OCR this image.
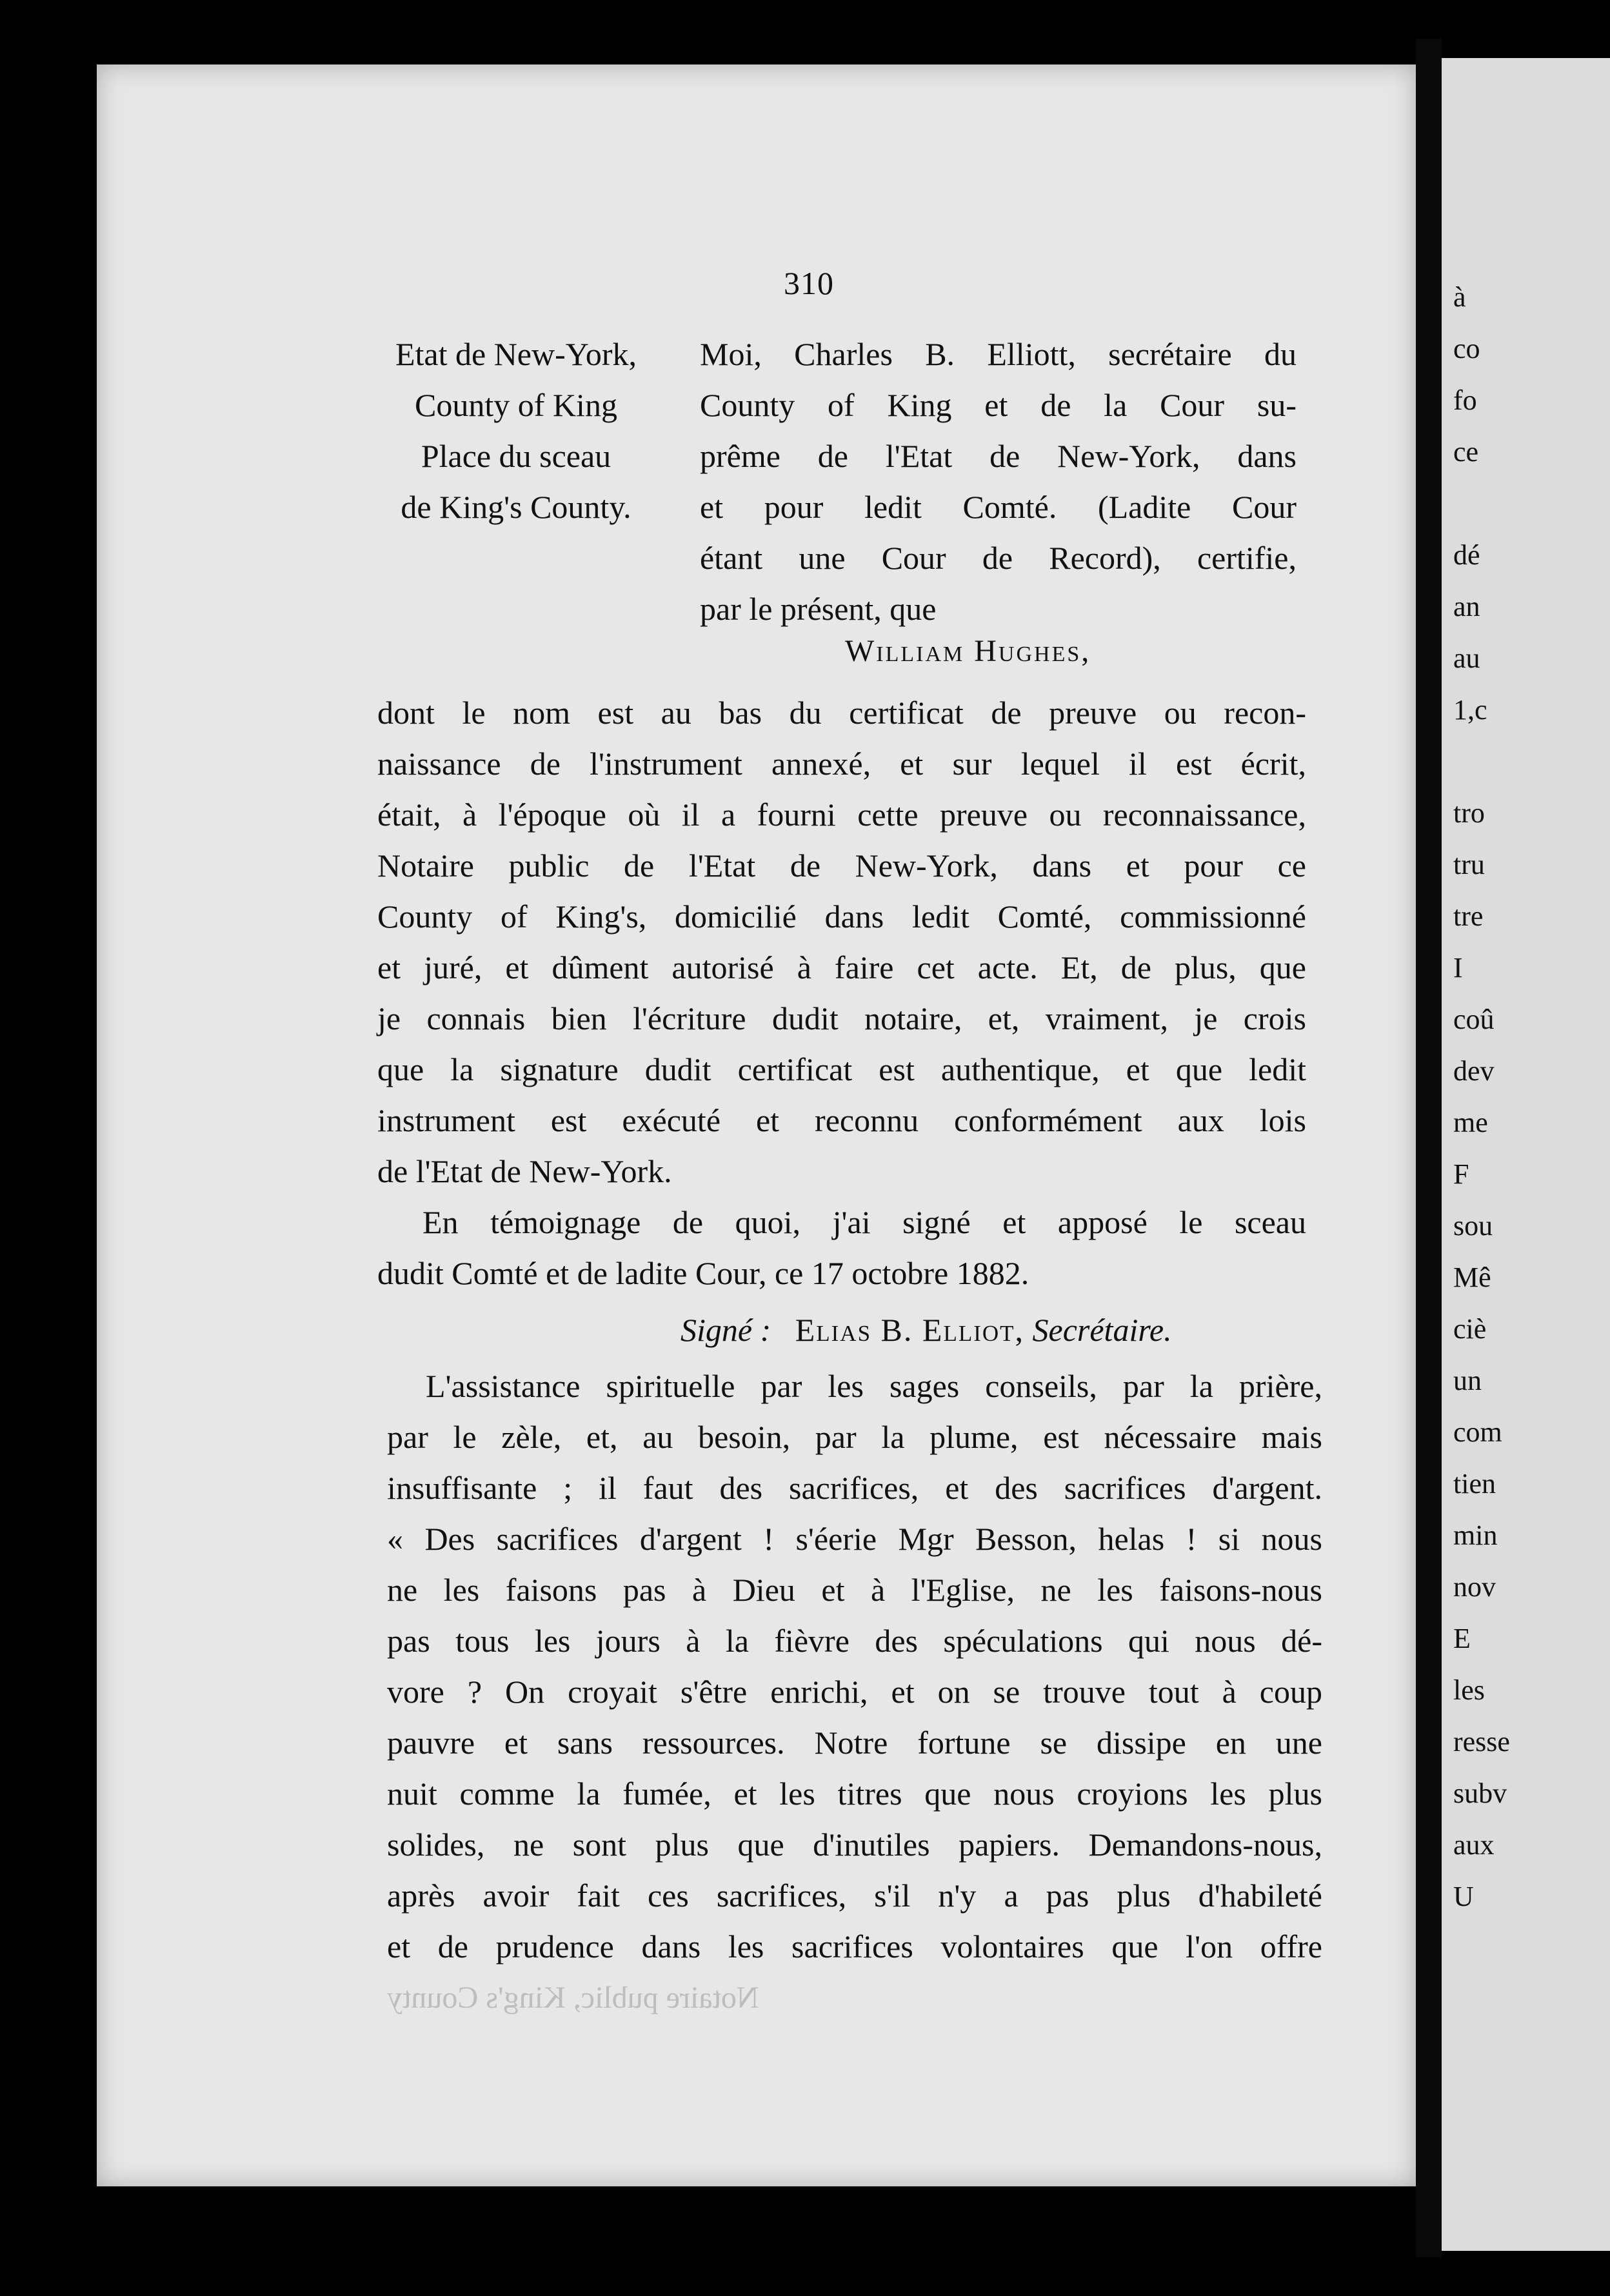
à
co
fo
ce
dé
an
au
1,c
tro
tru
tre
I
coû
dev
me
F
sou
Mê
ciè
un
com
tien
min
nov
E
les
resse
subv
aux
U
310
Etat de New-York,
County of King
Place du sceau
de King's County.
Moi, Charles B. Elliott, secrétaire du
County of King et de la Cour su-
prême de l'Etat de New-York, dans
et pour ledit Comté. (Ladite Cour
étant une Cour de Record), certifie,
par le présent, que
William Hughes,
dont le nom est au bas du certificat de preuve ou recon-
naissance de l'instrument annexé, et sur lequel il est écrit,
était, à l'époque où il a fourni cette preuve ou reconnaissance,
Notaire public de l'Etat de New-York, dans et pour ce
County of King's, domicilié dans ledit Comté, commissionné
et juré, et dûment autorisé à faire cet acte. Et, de plus, que
je connais bien l'écriture dudit notaire, et, vraiment, je crois
que la signature dudit certificat est authentique, et que ledit
instrument est exécuté et reconnu conformément aux lois
de l'Etat de New-York.
En témoignage de quoi, j'ai signé et apposé le sceau
dudit Comté et de ladite Cour, ce 17 octobre 1882.
Signé : Elias B. Elliot, Secrétaire.
L'assistance spirituelle par les sages conseils, par la prière,
par le zèle, et, au besoin, par la plume, est nécessaire mais
insuffisante ; il faut des sacrifices, et des sacrifices d'argent.
« Des sacrifices d'argent ! s'éerie Mgr Besson, helas ! si nous
ne les faisons pas à Dieu et à l'Eglise, ne les faisons-nous
pas tous les jours à la fièvre des spéculations qui nous dé-
vore ? On croyait s'être enrichi, et on se trouve tout à coup
pauvre et sans ressources. Notre fortune se dissipe en une
nuit comme la fumée, et les titres que nous croyions les plus
solides, ne sont plus que d'inutiles papiers. Demandons-nous,
après avoir fait ces sacrifices, s'il n'y a pas plus d'habileté
et de prudence dans les sacrifices volontaires que l'on offre
Notaire public, King's County
